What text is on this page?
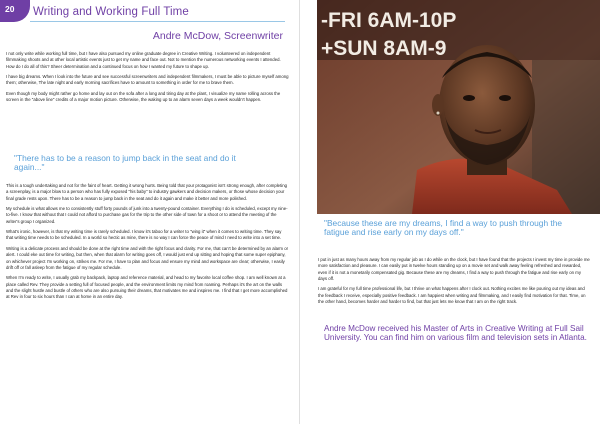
20	Writing and Working Full Time
Andre McDow, Screenwriter

I not only write while working full time, but I have also pursued my online graduate degree in Creative Writing. I volunteered on independent filmmaking shoots and at other local artistic events just to get my name and face out. Not to mention the numerous networking events I attended. How do I do all of this? Sheer determination and a continued focus on how I wanted my future to shape up.

I have big dreams. When I look into the future and see successful screenwriters and independent filmmakers, I must be able to picture myself among them; otherwise, The late night and early morning sacrifices have to amount to something in order for me to brave them.

Even though my body might rather go home and lay out on the sofa after a long and tiring day at the plant, I visualize my name rolling across the screen in the "above line" credits of a major motion picture. Otherwise, the waking up to an alarm seven days a week wouldn't happen.

"There has to be a reason to jump back in the seat and do it again..."

This is a tough undertaking and not for the faint of heart. Getting it wrong hurts. Being told that your protagonist isn't strong enough, after completing a screenplay, is a major blow to a person who has fully exposed "his baby" to industry gawkers and decision makers, or those whose decision your final grade rests upon. There has to be a reason to jump back in the seat and do it again and make it better and more polished.

My schedule is what allows me to consistently stuff forty pounds of junk into a twenty-pound container. Everything I do is scheduled, except my nine-to-five. I know that without that I could not afford to purchase gas for the trip to the other side of town for a shoot or to attend the meeting of the writer's group I organized.

What's ironic, however, is that my writing time is rarely scheduled. I know it's taboo for a writer to "wing it" when it comes to writing time. They say that writing time needs to be scheduled. In a world so hectic as mine, there is no way I can force the peace of mind I need to write into a set time.

Writing is a delicate process and should be done at the right time and with the right focus and clarity. For me, that can't be determined by an alarm or alert. I could eke out time for writing, but then, when that alarm for writing goes off, I would just end up sitting and hoping that some super epiphany, on whichever project I'm working on, strikes me. For me, I have to plan and focus and ensure my mind and workspace are clear; otherwise, I easily drift off or fall asleep from the fatigue of my regular schedule.

When I'm ready to write, I usually grab my backpack, laptop and reference material, and head to my favorite local coffee shop. I am well known at a place called Rev. They provide a setting full of focused people, and the environment limits my mind from roaming. Perhaps it's the art on the walls and the slight hustle and bustle of others who are also pursuing their dreams, that motivates me and inspires me. I find that I get more accomplished at Rev in four to six hours than I can at home in an entire day.

-FRI 6AM-10P
+SUN 8AM-9
"Because these are my dreams, I find a way to push through the fatigue and rise early on my days off."

I put in just as many hours away from my regular job as I do while on the clock, but I have found that the projects I invest my time in provide me more satisfaction and pleasure. I can easily put in twelve hours standing up on a movie set and walk away feeling refreshed and rewarded, even if it is not a monetarily compensated gig. Because these are my dreams, I find a way to push through the fatigue and rise early on my days off.

I am grateful for my full time professional life, but I thrive on what happens after I clock out. Nothing excites me like pouring out my ideas and the feedback I receive, especially positive feedback. I am happiest when writing and filmmaking, and I easily find motivation for that. Time, on the other hand, becomes harder and harder to find, but that just lets me know that I am on the right track.

Andre McDow received his Master of Arts in Creative Writing at Full Sail University. You can find him on various film and television sets in Atlanta.
